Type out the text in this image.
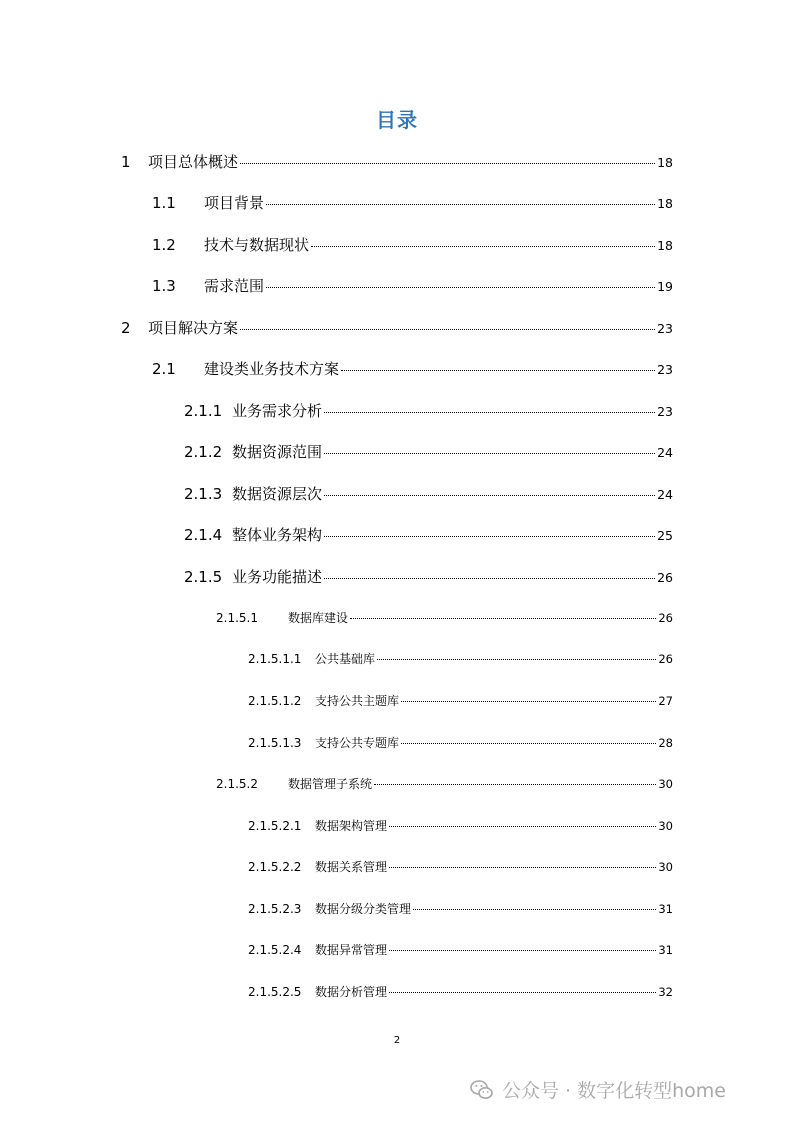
目录
1	项目总体概述	18
1.1	项目背景	18
1.2	技术与数据现状	18
1.3	需求范围	19
2	项目解决方案	23
2.1	建设类业务技术方案	23
2.1.1 业务需求分析	23
2.1.2 数据资源范围	24
2.1.3 数据资源层次	24
2.1.4 整体业务架构	25
2.1.5 业务功能描述	26
2.1.5.1	数据库建设	26
2.1.5.1.1	公共基础库	26
2.1.5.1.2	支持公共主题库	27
2.1.5.1.3	支持公共专题库	28
2.1.5.2	数据管理子系统	30
2.1.5.2.1	数据架构管理	30
2.1.5.2.2	数据关系管理	30
2.1.5.2.3	数据分级分类管理	31
2.1.5.2.4	数据异常管理	31
2.1.5.2.5	数据分析管理	32
2
公众号 · 数字化转型home
